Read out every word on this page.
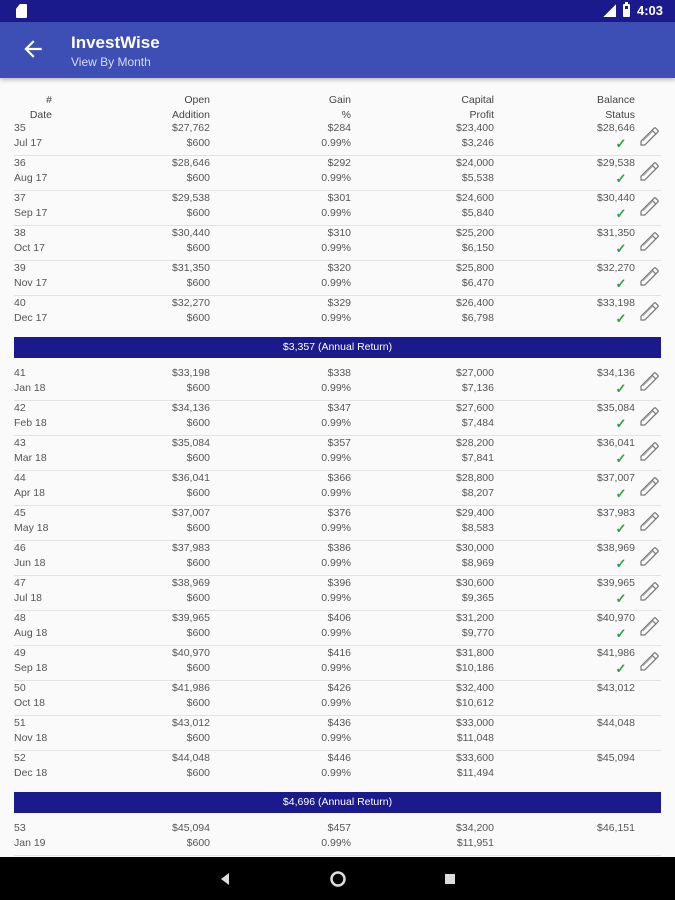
4:03
InvestWise
View By Month
#
Date
Open
Addition
Gain
%
Capital
Profit
Balance
Status
35
Jul 17
$27,762
$600
$284
0.99%
$23,400
$3,246
$28,646
✓
36
Aug 17
$28,646
$600
$292
0.99%
$24,000
$5,538
$29,538
✓
37
Sep 17
$29,538
$600
$301
0.99%
$24,600
$5,840
$30,440
✓
38
Oct 17
$30,440
$600
$310
0.99%
$25,200
$6,150
$31,350
✓
39
Nov 17
$31,350
$600
$320
0.99%
$25,800
$6,470
$32,270
✓
40
Dec 17
$32,270
$600
$329
0.99%
$26,400
$6,798
$33,198
✓
$3,357 (Annual Return)
41
Jan 18
$33,198
$600
$338
0.99%
$27,000
$7,136
$34,136
✓
42
Feb 18
$34,136
$600
$347
0.99%
$27,600
$7,484
$35,084
✓
43
Mar 18
$35,084
$600
$357
0.99%
$28,200
$7,841
$36,041
✓
44
Apr 18
$36,041
$600
$366
0.99%
$28,800
$8,207
$37,007
✓
45
May 18
$37,007
$600
$376
0.99%
$29,400
$8,583
$37,983
✓
46
Jun 18
$37,983
$600
$386
0.99%
$30,000
$8,969
$38,969
✓
47
Jul 18
$38,969
$600
$396
0.99%
$30,600
$9,365
$39,965
✓
48
Aug 18
$39,965
$600
$406
0.99%
$31,200
$9,770
$40,970
✓
49
Sep 18
$40,970
$600
$416
0.99%
$31,800
$10,186
$41,986
✓
50
Oct 18
$41,986
$600
$426
0.99%
$32,400
$10,612
$43,012
51
Nov 18
$43,012
$600
$436
0.99%
$33,000
$11,048
$44,048
52
Dec 18
$44,048
$600
$446
0.99%
$33,600
$11,494
$45,094
$4,696 (Annual Return)
53
Jan 19
$45,094
$600
$457
0.99%
$34,200
$11,951
$46,151
